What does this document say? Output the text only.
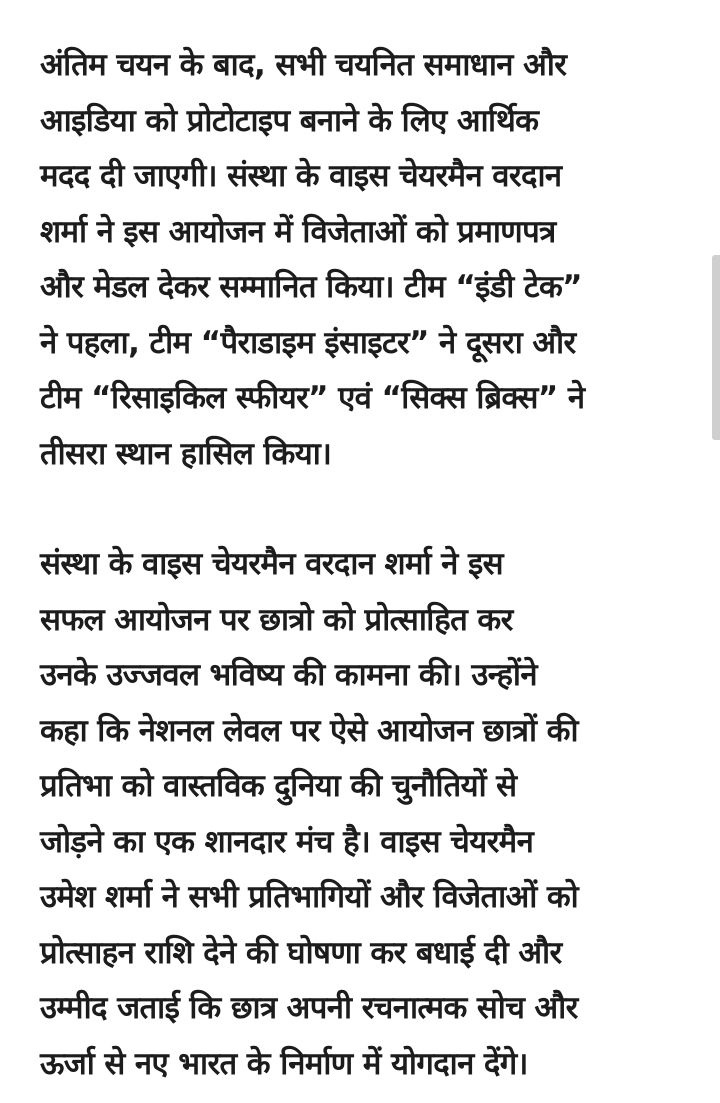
अंतिम चयन के बाद, सभी चयनित समाधान और
आइडिया को प्रोटोटाइप बनाने के लिए आर्थिक
मदद दी जाएगी। संस्था के वाइस चेयरमैन वरदान
शर्मा ने इस आयोजन में विजेताओं को प्रमाणपत्र
और मेडल देकर सम्मानित किया। टीम “इंडी टेक”
ने पहला, टीम “पैराडाइम इंसाइटर” ने दूसरा और
टीम “रिसाइकिल स्फीयर” एवं “सिक्स ब्रिक्स” ने
तीसरा स्थान हासिल किया।

संस्था के वाइस चेयरमैन वरदान शर्मा ने इस
सफल आयोजन पर छात्रो को प्रोत्साहित कर
उनके उज्जवल भविष्य की कामना की। उन्होंने
कहा कि नेशनल लेवल पर ऐसे आयोजन छात्रों की
प्रतिभा को वास्तविक दुनिया की चुनौतियों से
जोड़ने का एक शानदार मंच है। वाइस चेयरमैन
उमेश शर्मा ने सभी प्रतिभागियों और विजेताओं को
प्रोत्साहन राशि देने की घोषणा कर बधाई दी और
उम्मीद जताई कि छात्र अपनी रचनात्मक सोच और
ऊर्जा से नए भारत के निर्माण में योगदान देंगे।
